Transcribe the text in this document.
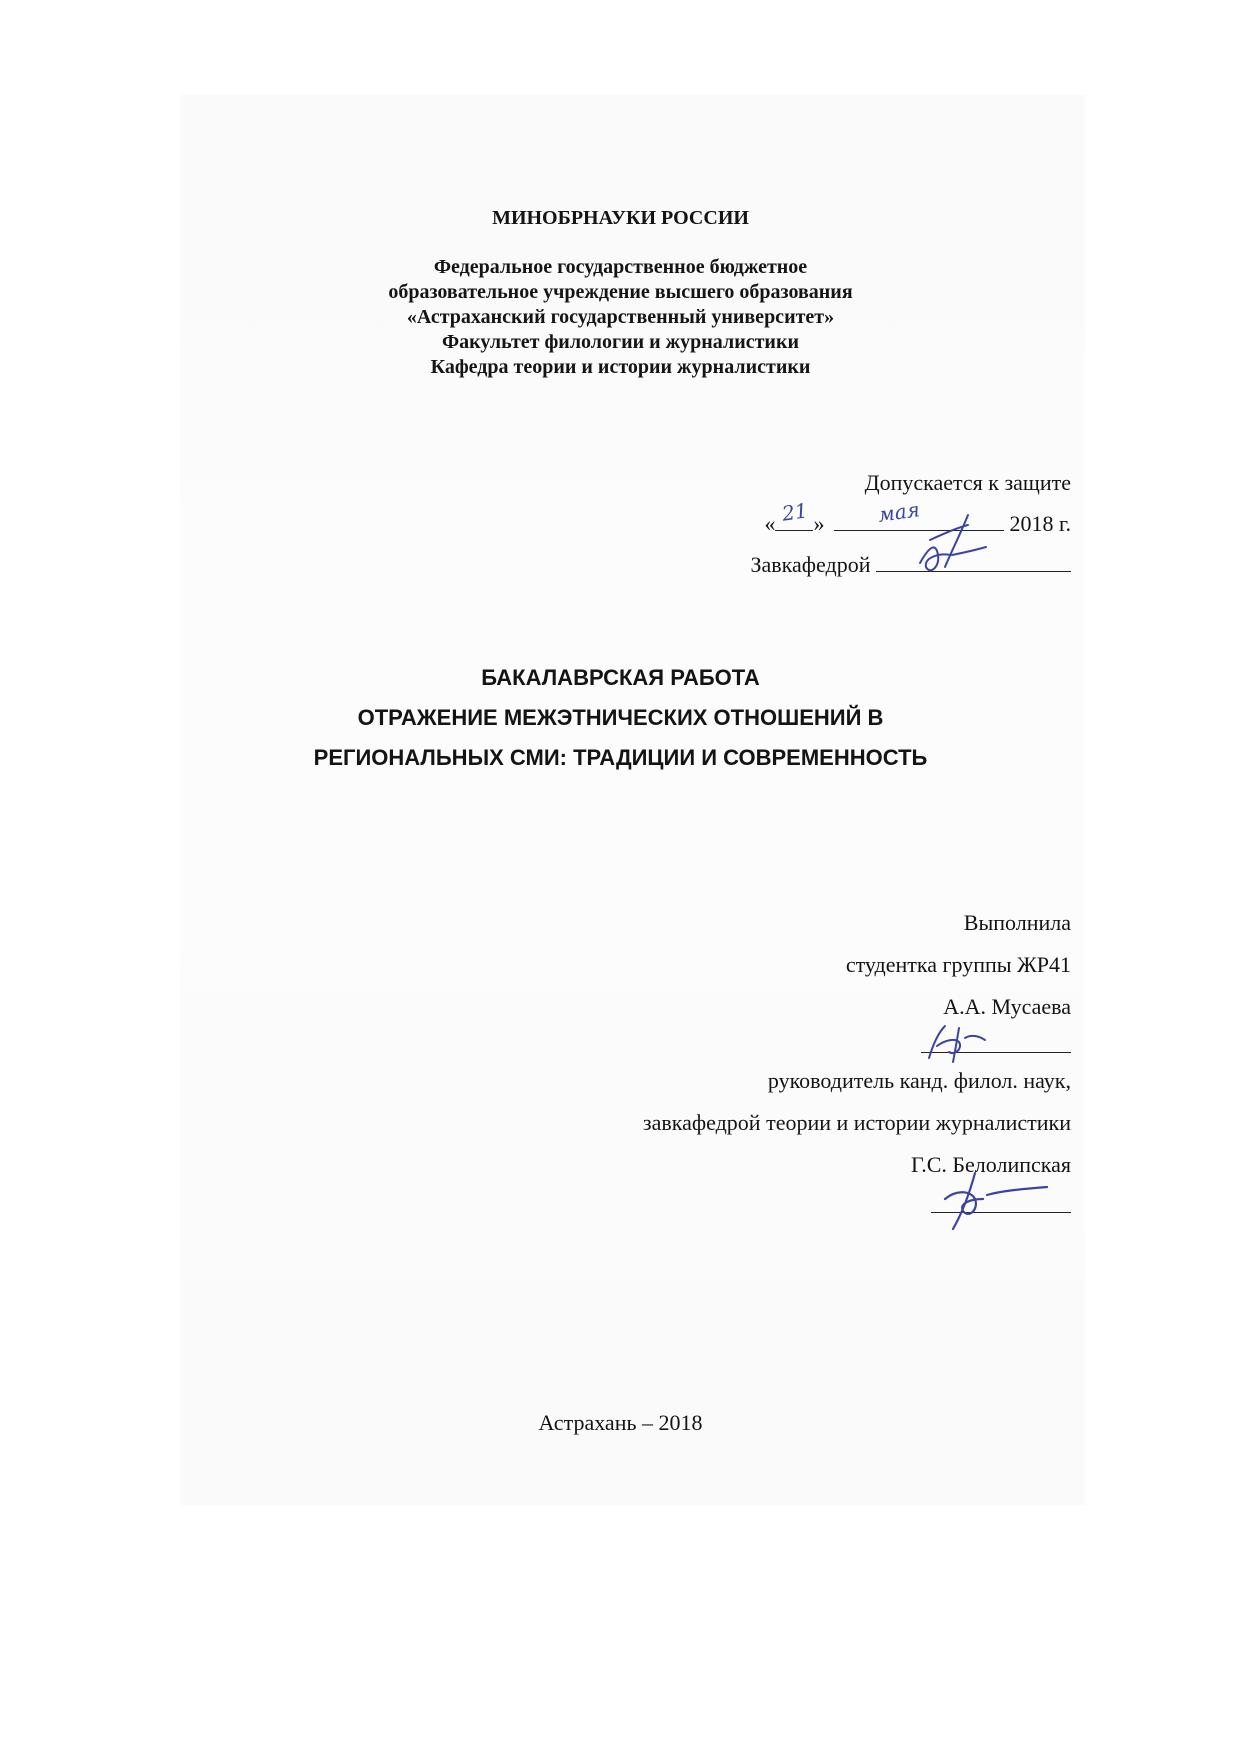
МИНОБРНАУКИ РОССИИ
Федеральное государственное бюджетное
образовательное учреждение высшего образования
«Астраханский государственный университет»
Факультет филологии и журналистики
Кафедра теории и истории журналистики
Допускается к защите
« »	2018 г.
21	мая
Завкафедрой
БАКАЛАВРСКАЯ РАБОТА
ОТРАЖЕНИЕ МЕЖЭТНИЧЕСКИХ ОТНОШЕНИЙ В
РЕГИОНАЛЬНЫХ СМИ: ТРАДИЦИИ И СОВРЕМЕННОСТЬ
Выполнила
студентка группы ЖР41
А.А. Мусаева
руководитель канд. филол. наук,
завкафедрой теории и истории журналистики
Г.С. Белолипская
Астрахань – 2018
